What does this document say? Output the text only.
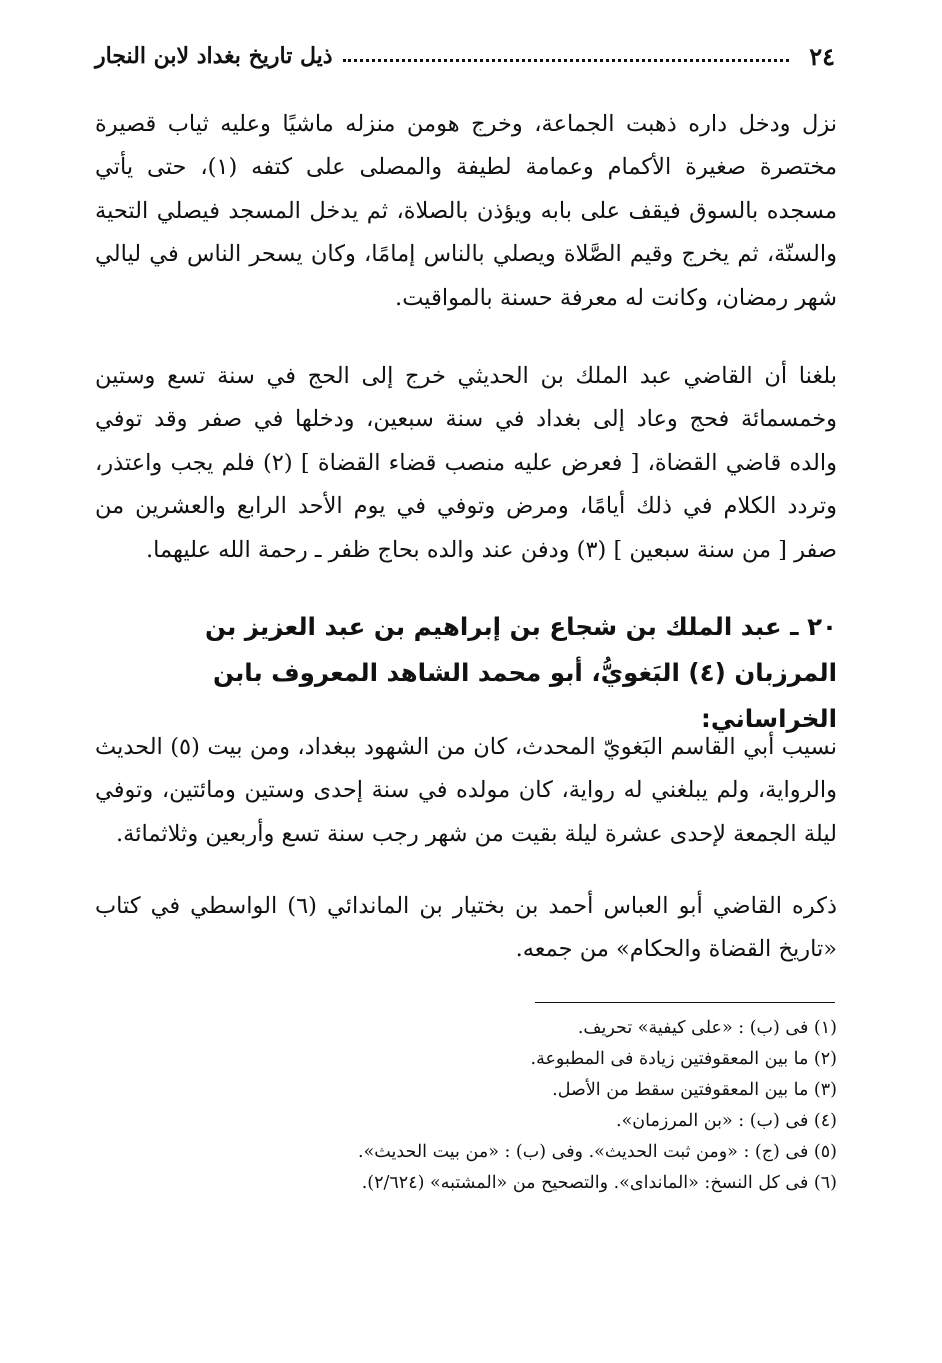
٢٤
ذيل تاريخ بغداد لابن النجار

نزل ودخل داره ذهبت الجماعة، وخرج هومن منزله ماشيًا وعليه ثياب قصيرة مختصرة صغيرة الأكمام وعمامة لطيفة والمصلى على كتفه (١)، حتى يأتي مسجده بالسوق فيقف على بابه ويؤذن بالصلاة، ثم يدخل المسجد فيصلي التحية والسنّة، ثم يخرج وقيم الصَّلاة ويصلي بالناس إمامًا، وكان يسحر الناس في ليالي شهر رمضان، وكانت له معرفة حسنة بالمواقيت.

بلغنا أن القاضي عبد الملك بن الحديثي خرج إلى الحج في سنة تسع وستين وخمسمائة فحج وعاد إلى بغداد في سنة سبعين، ودخلها في صفر وقد توفي والده قاضي القضاة، [ فعرض عليه منصب قضاء القضاة ] (٢) فلم يجب واعتذر، وتردد الكلام في ذلك أيامًا، ومرض وتوفي في يوم الأحد الرابع والعشرين من صفر [ من سنة سبعين ] (٣) ودفن عند والده بحاج ظفر ـ رحمة الله عليهما.

٢٠ ـ عبد الملك بن شجاع بن إبراهيم بن عبد العزيز بن المرزبان (٤) البَغويُّ، أبو محمد الشاهد المعروف بابن الخراساني:

نسيب أبي القاسم البَغويّ المحدث، كان من الشهود ببغداد، ومن بيت (٥) الحديث والرواية، ولم يبلغني له رواية، كان مولده في سنة إحدى وستين ومائتين، وتوفي ليلة الجمعة لإحدى عشرة ليلة بقيت من شهر رجب سنة تسع وأربعين وثلاثمائة.

ذكره القاضي أبو العباس أحمد بن بختيار بن الماندائي (٦) الواسطي في كتاب «تاريخ القضاة والحكام» من جمعه.

(١) فى (ب) : «على كيفية» تحريف.
(٢) ما بين المعقوفتين زيادة فى المطبوعة.
(٣) ما بين المعقوفتين سقط من الأصل.
(٤) فى (ب) : «بن المرزمان».
(٥) فى (ج) : «ومن ثبت الحديث». وفى (ب) : «من بيت الحديث».
(٦) فى كل النسخ: «الماندای». والتصحيح من «المشتبه» (٢/٦٢٤).
